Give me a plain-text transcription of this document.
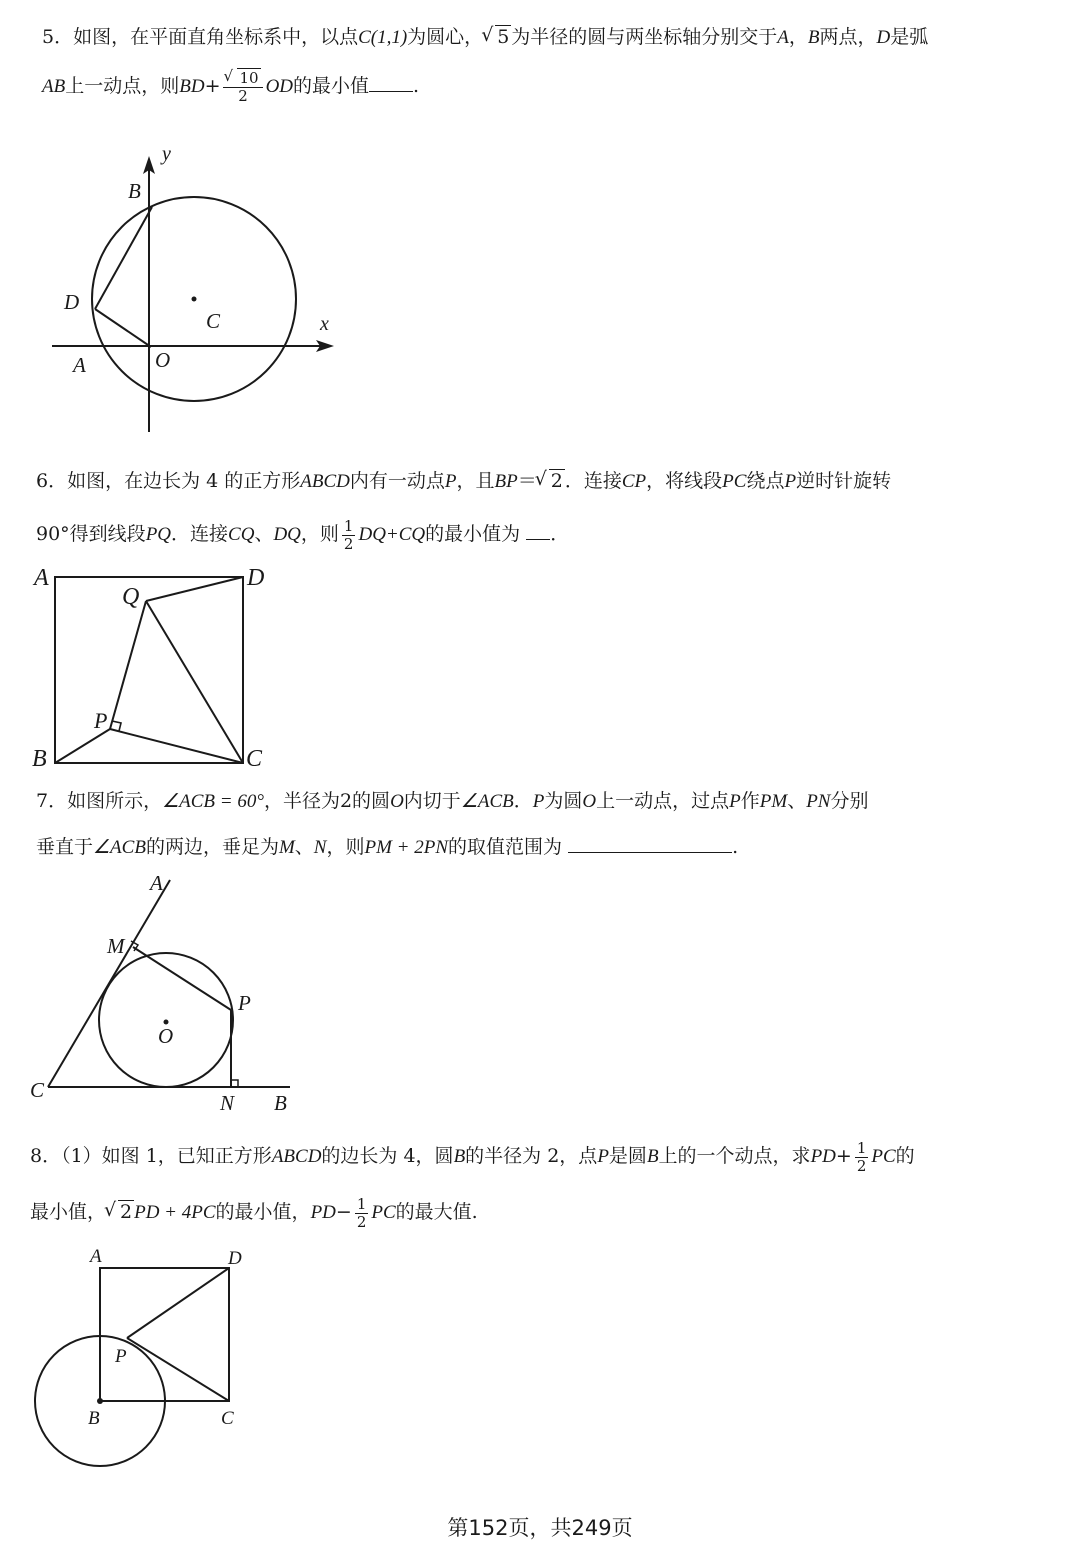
5．如图，在平面直角坐标系中，以点C(1,1)为圆心， √ 5 为半径的圆与两坐标轴分别交于A，B两点，D是弧
AB上一动点，则BD+ √ $\frac{10}{2}$ OD的最小值 .
y
B
D
C	x
A	O
6．如图，在边长为 4 的正方形ABCD内有一动点P，且BP＝ √ 2 ．连接CP，将线段PC绕点P逆时针旋转
90°得到线段PQ．连接CQ、DQ，则 $\frac{1}{2} DQ+CQ$的最小值为 ．
A	D
Q
P
B	C
7．如图所示，∠ACB = 60°，半径为2的圆O内切于∠ACB．P为圆O上一动点，过点P作PM、PN分别
垂直于∠ACB的两边，垂足为M、N，则PM + 2PN的取值范围为	.
A
M
P
O
C
N B
8．（1）如图 1，已知正方形ABCD的边长为 4，圆B的半径为 2，点P是圆B上的一个动点，求$PD+ \frac{1}{2}$ PC的
最小值， √ 2 PD + 4PC的最小值，$PD- \frac{1}{2}$ PC的最大值.
A	D
P
B	C
第152页，共249页
